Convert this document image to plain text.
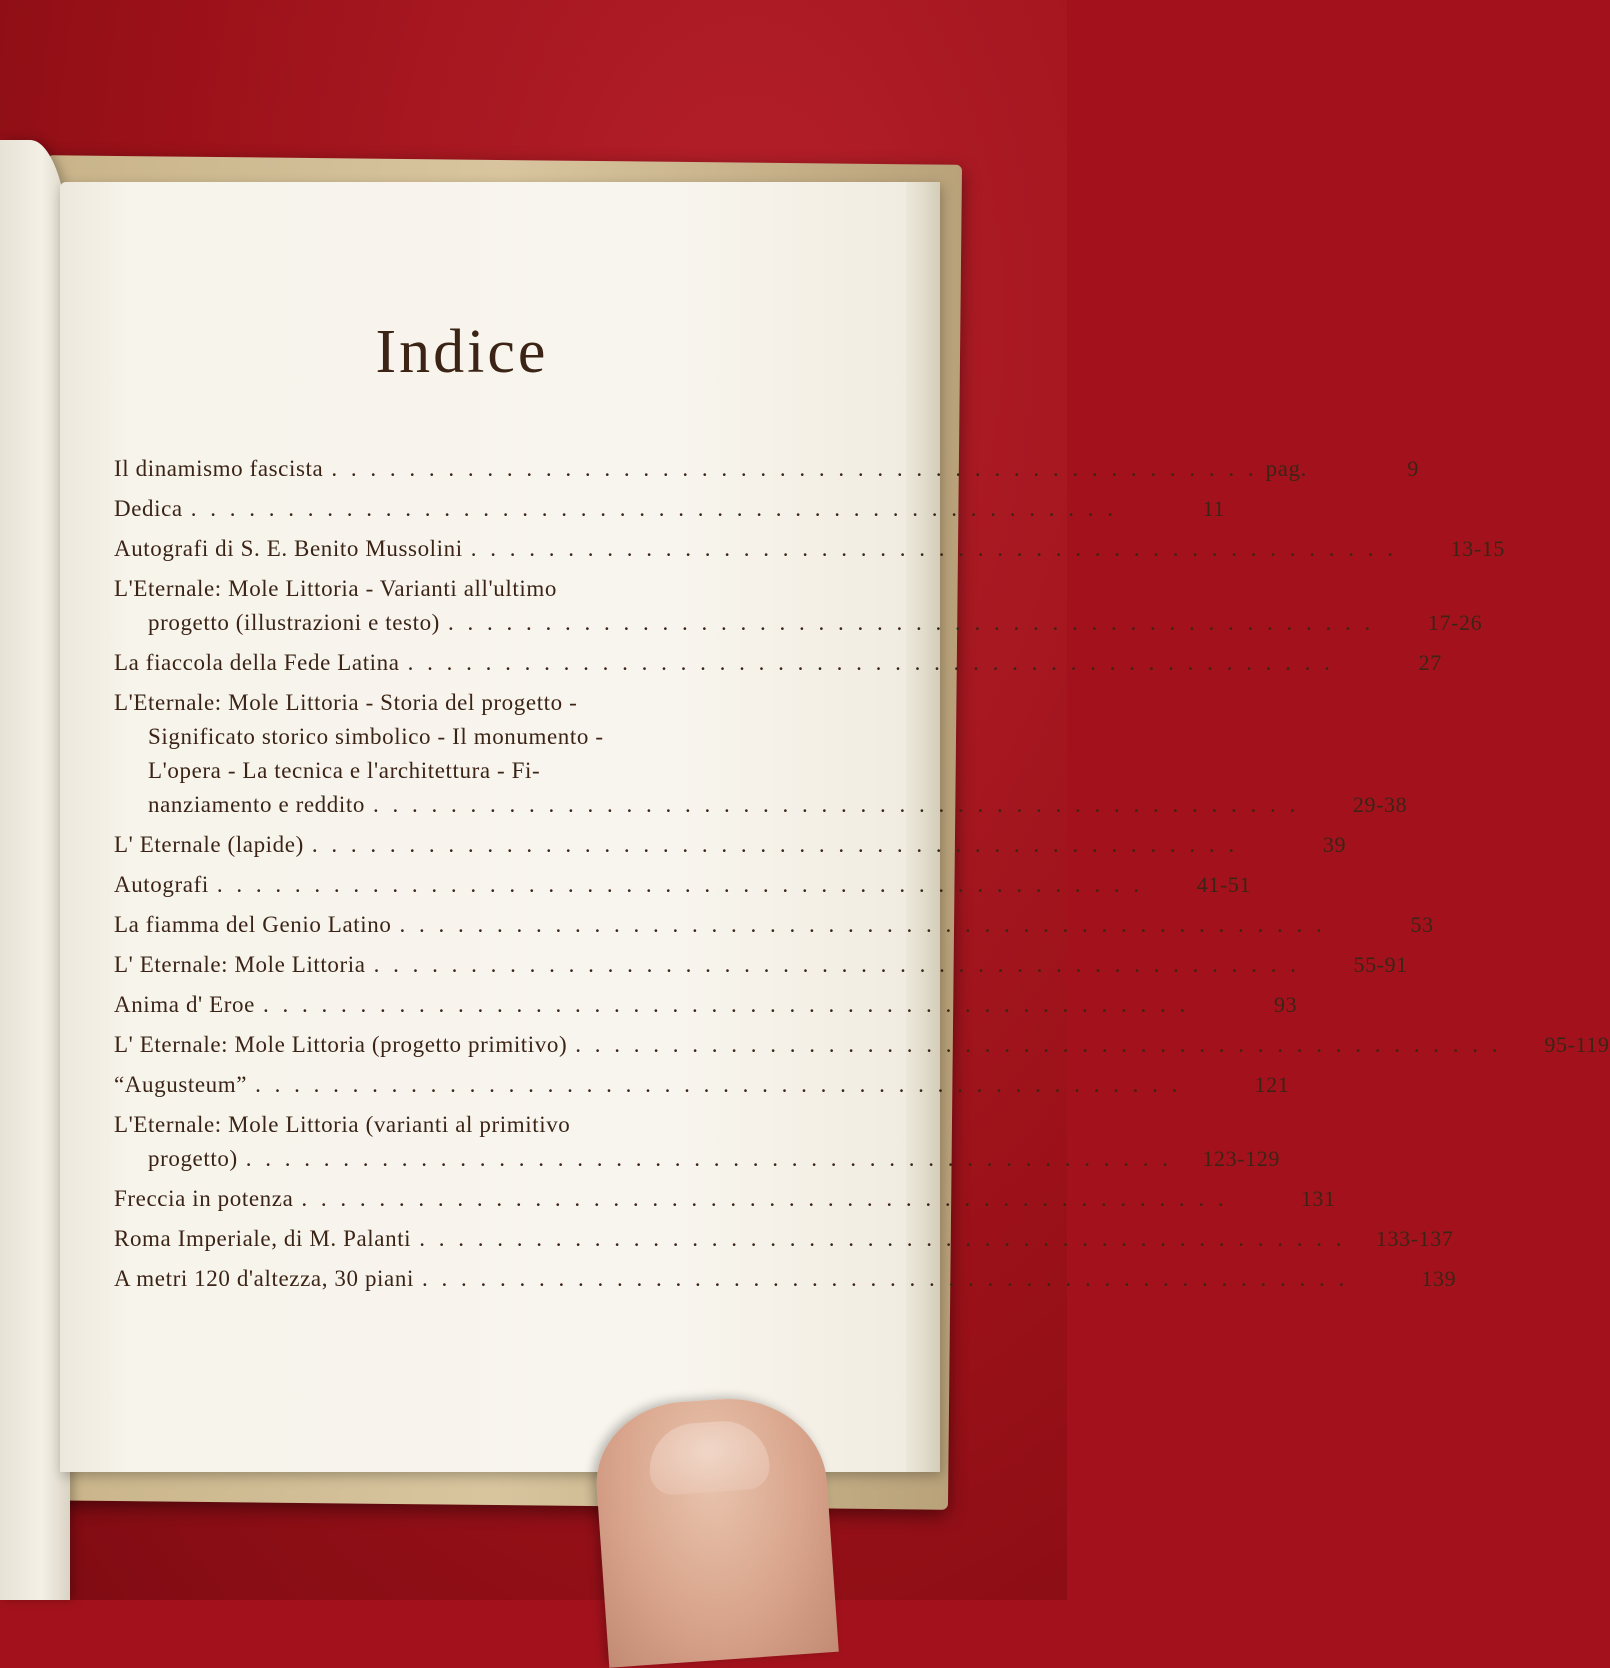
Indice
Il dinamismo fascista . . .	pag.	9
Dedica . . .	11
Autografi di S. E. Benito Mussolini . . .	13-15
L'Eternale: Mole Littoria - Varianti all'ultimo
progetto (illustrazioni e testo) . . .	17-26
La fiaccola della Fede Latina . . .	27
L'Eternale: Mole Littoria - Storia del progetto -
Significato storico simbolico - Il monumento -
L'opera - La tecnica e l'architettura - Fi-
nanziamento e reddito . . .	29-38
L' Eternale (lapide) . . .	39
Autografi . . .	41-51
La fiamma del Genio Latino . . .	53
L' Eternale: Mole Littoria . . .	55-91
Anima d' Eroe . . .	93
L' Eternale: Mole Littoria (progetto primitivo) . . .	95-119
“Augusteum” . . .	121
L'Eternale: Mole Littoria (varianti al primitivo
progetto) . . .	123-129
Freccia in potenza . . .	131
Roma Imperiale, di M. Palanti . . .	133-137
A metri 120 d'altezza, 30 piani . . .	139
